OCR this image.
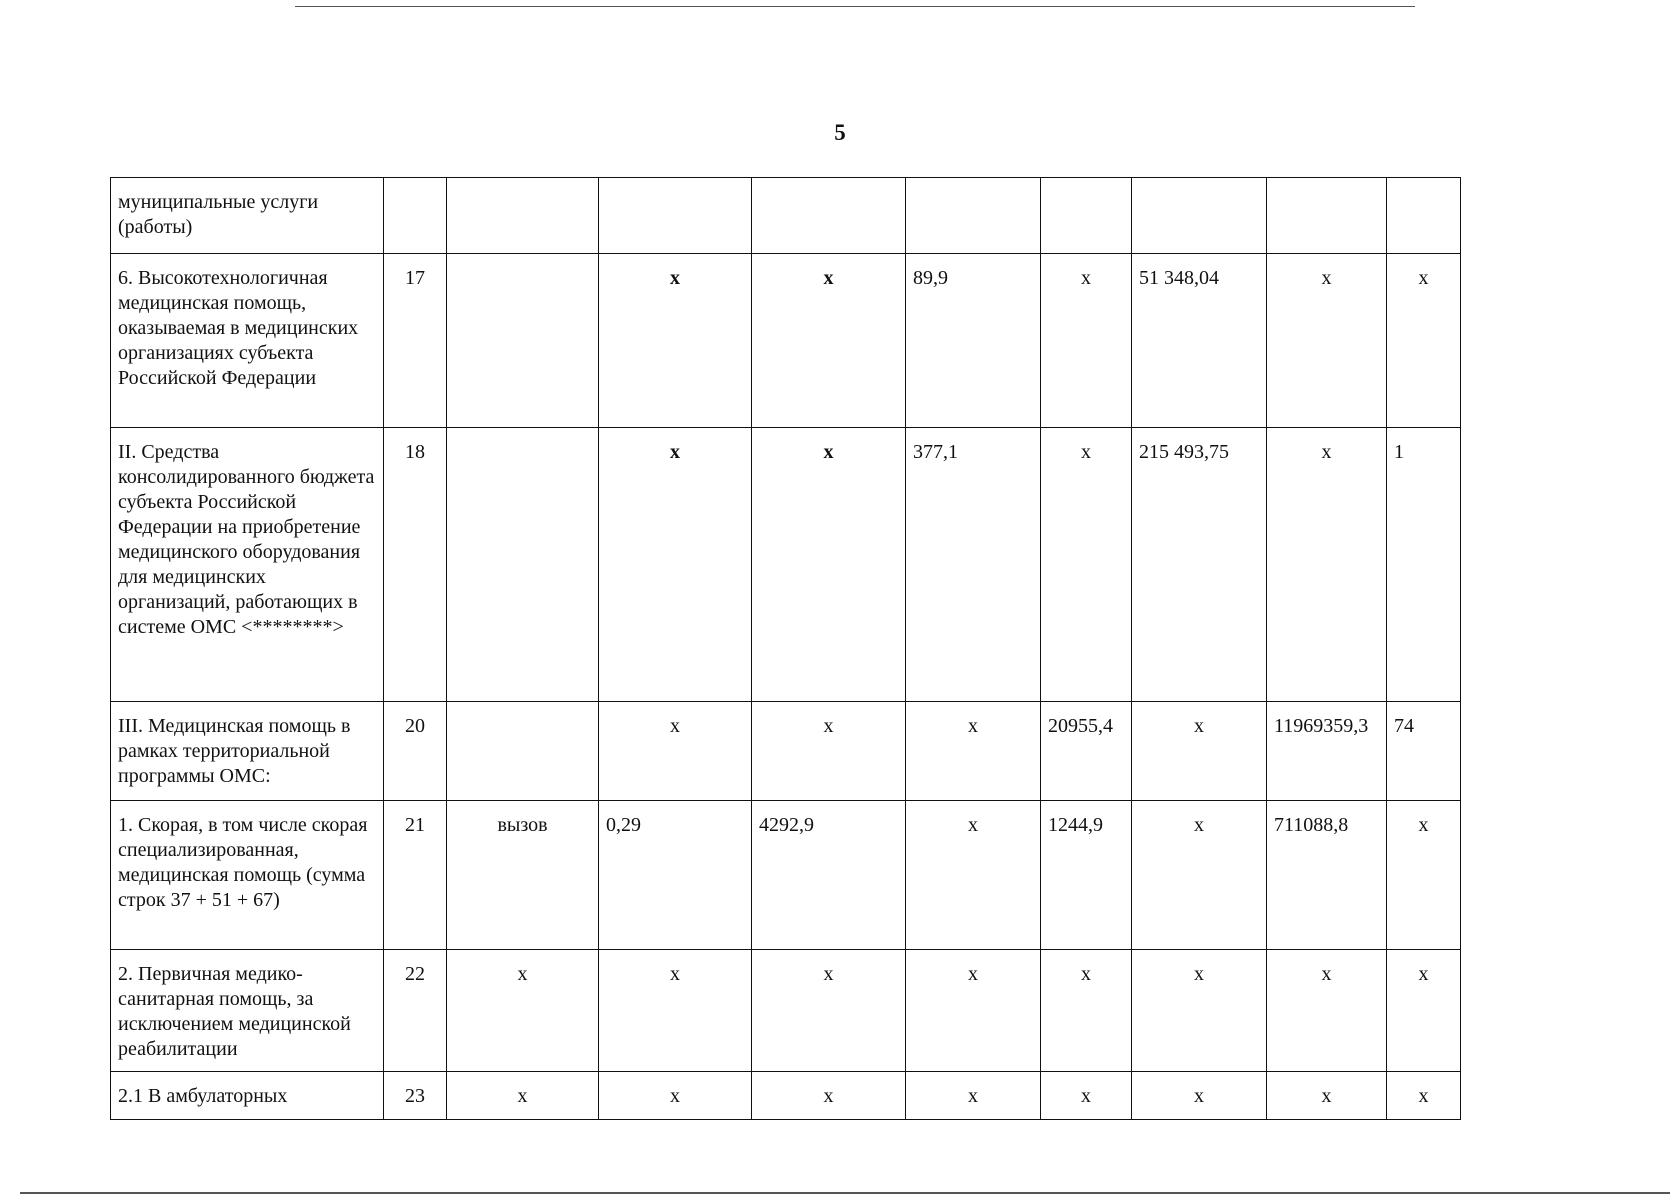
5
муниципальные услуги (работы)									
6. Высокотехнологичная медицинская помощь, оказываемая в медицинских организациях субъекта Российской Федерации	17		x	x	89,9	x	51 348,04	x	x
II. Средства консолидированного бюджета субъекта Российской Федерации на приобретение медицинского оборудования для медицинских организаций, работающих в системе ОМС <********>	18		x	x	377,1	x	215 493,75	x	1
III. Медицинская помощь в рамках территориальной программы ОМС:	20		x	x	x	20955,4	x	11969359,3	74
1. Скорая, в том числе скорая специализированная, медицинская помощь (сумма строк 37 + 51 + 67)	21	вызов	0,29	4292,9	x	1244,9	x	711088,8	x
2. Первичная медико-санитарная помощь, за исключением медицинской реабилитации	22	x	x	x	x	x	x	x	x
2.1 В амбулаторных	23	x	x	x	x	x	x	x	x
